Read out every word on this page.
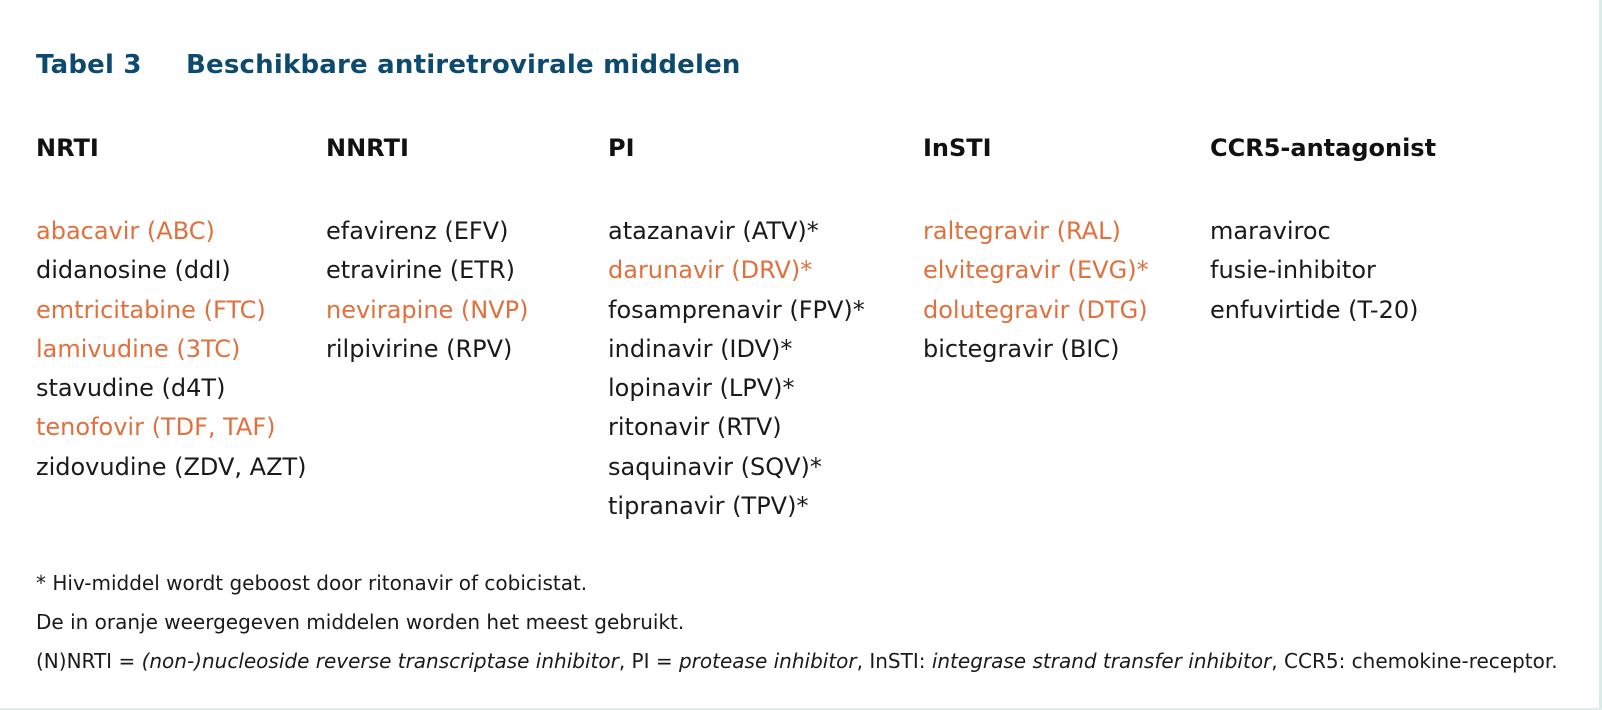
Tabel 3 Beschikbare antiretrovirale middelen
NRTI
abacavir (ABC)
didanosine (ddI)
emtricitabine (FTC)
lamivudine (3TC)
stavudine (d4T)
tenofovir (TDF, TAF)
zidovudine (ZDV, AZT)
NNRTI
efavirenz (EFV)
etravirine (ETR)
nevirapine (NVP)
rilpivirine (RPV)
PI
atazanavir (ATV)*
darunavir (DRV)*
fosamprenavir (FPV)*
indinavir (IDV)*
lopinavir (LPV)*
ritonavir (RTV)
saquinavir (SQV)*
tipranavir (TPV)*
InSTI
raltegravir (RAL)
elvitegravir (EVG)*
dolutegravir (DTG)
bictegravir (BIC)
CCR5-antagonist
maraviroc
fusie-inhibitor
enfuvirtide (T-20)

* Hiv-middel wordt geboost door ritonavir of cobicistat.

De in oranje weergegeven middelen worden het meest gebruikt.

(N)NRTI = (non-)nucleoside reverse transcriptase inhibitor, PI = protease inhibitor, InSTI: integrase strand transfer inhibitor, CCR5: chemokine-receptor.
